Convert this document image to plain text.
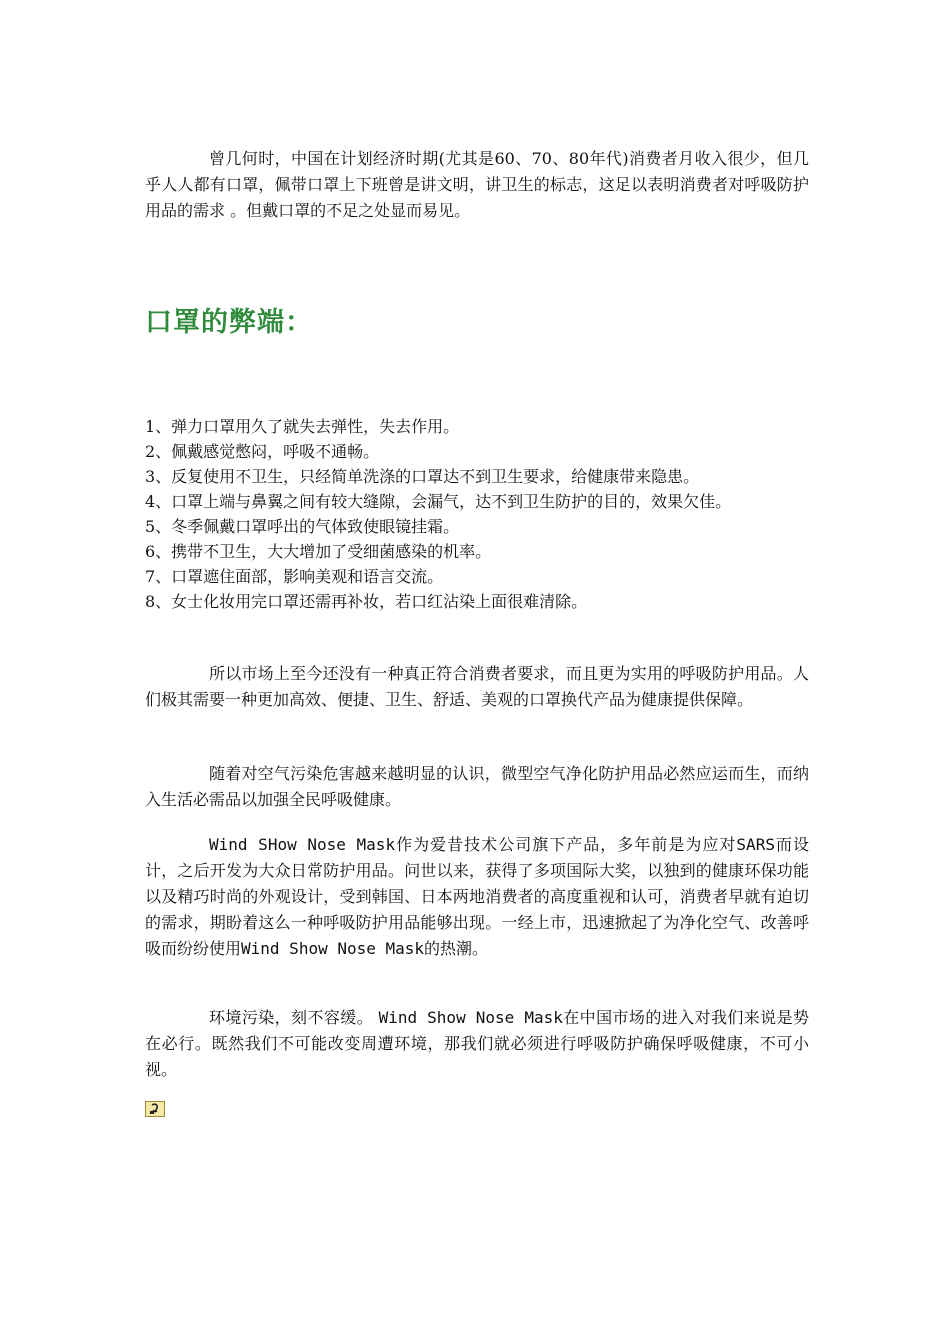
曾几何时，中国在计划经济时期(尤其是60、70、80年代)消费者月收入很少，但几乎人人都有口罩，佩带口罩上下班曾是讲文明，讲卫生的标志，这足以表明消费者对呼吸防护用品的需求 。但戴口罩的不足之处显而易见。

口罩的弊端：
1、弹力口罩用久了就失去弹性，失去作用。
2、佩戴感觉憋闷，呼吸不通畅。
3、反复使用不卫生，只经简单洗涤的口罩达不到卫生要求，给健康带来隐患。
4、口罩上端与鼻翼之间有较大缝隙，会漏气，达不到卫生防护的目的，效果欠佳。
5、冬季佩戴口罩呼出的气体致使眼镜挂霜。
6、携带不卫生，大大增加了受细菌感染的机率。
7、口罩遮住面部，影响美观和语言交流。
8、女士化妆用完口罩还需再补妆，若口红沾染上面很难清除。

所以市场上至今还没有一种真正符合消费者要求，而且更为实用的呼吸防护用品。人们极其需要一种更加高效、便捷、卫生、舒适、美观的口罩换代产品为健康提供保障。

随着对空气污染危害越来越明显的认识，微型空气净化防护用品必然应运而生，而纳入生活必需品以加强全民呼吸健康。

Wind SHow Nose Mask作为爱昔技术公司旗下产品，多年前是为应对SARS而设计，之后开发为大众日常防护用品。问世以来，获得了多项国际大奖，以独到的健康环保功能以及精巧时尚的外观设计，受到韩国、日本两地消费者的高度重视和认可，消费者早就有迫切的需求，期盼着这么一种呼吸防护用品能够出现。一经上市，迅速掀起了为净化空气、改善呼吸而纷纷使用Wind Show Nose Mask的热潮。

环境污染，刻不容缓。 Wind Show Nose Mask在中国市场的进入对我们来说是势在必行。既然我们不可能改变周遭环境，那我们就必须进行呼吸防护确保呼吸健康，不可小视。
